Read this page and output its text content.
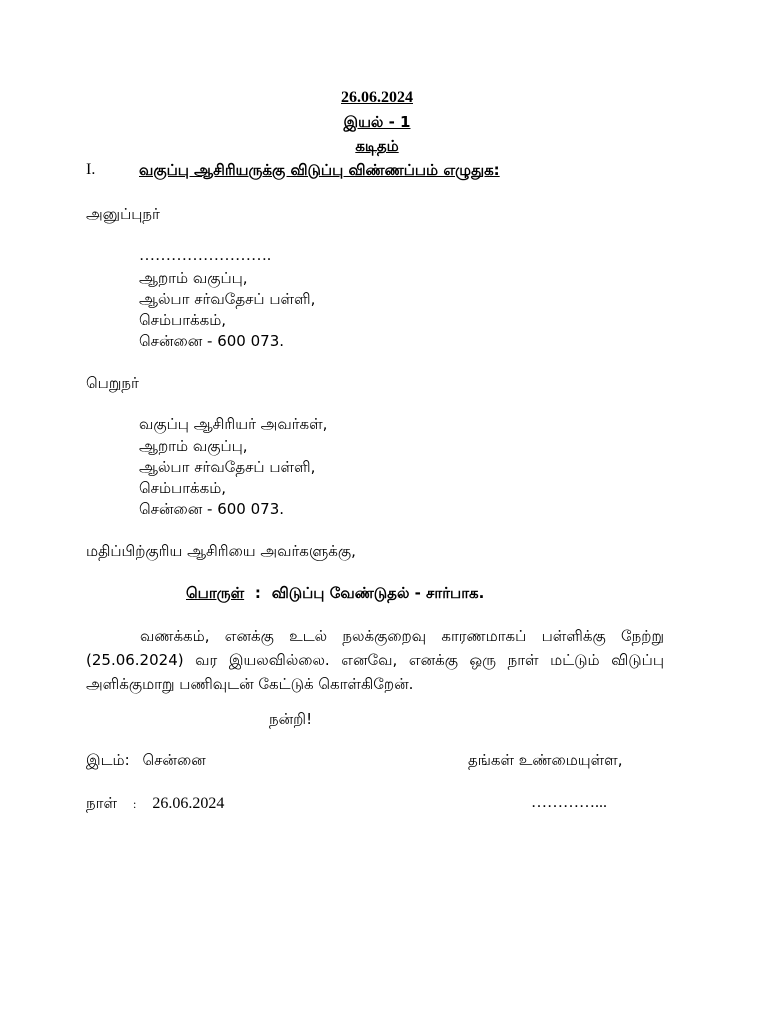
26.06.2024
இயல் - 1
கடிதம்
I.	வகுப்பு ஆசிரியருக்கு விடுப்பு விண்ணப்பம் எழுதுக:
அனுப்புநர்
…………………….
ஆறாம் வகுப்பு,
ஆல்பா சர்வதேசப் பள்ளி,
செம்பாக்கம்,
சென்னை - 600 073.
பெறுநர்
வகுப்பு ஆசிரியர் அவர்கள்,
ஆறாம் வகுப்பு,
ஆல்பா சர்வதேசப் பள்ளி,
செம்பாக்கம்,
சென்னை - 600 073.
மதிப்பிற்குரிய ஆசிரியை அவர்களுக்கு,
பொருள் : விடுப்பு வேண்டுதல் - சார்பாக.
வணக்கம், எனக்கு உடல் நலக்குறைவு காரணமாகப் பள்ளிக்கு நேற்று (25.06.2024) வர இயலவில்லை. எனவே, எனக்கு ஒரு நாள் மட்டும் விடுப்பு அளிக்குமாறு பணிவுடன் கேட்டுக் கொள்கிறேன்.
நன்றி!
இடம்: சென்னை	தங்கள் உண்மையுள்ள,
நாள் : 26.06.2024	…………...
